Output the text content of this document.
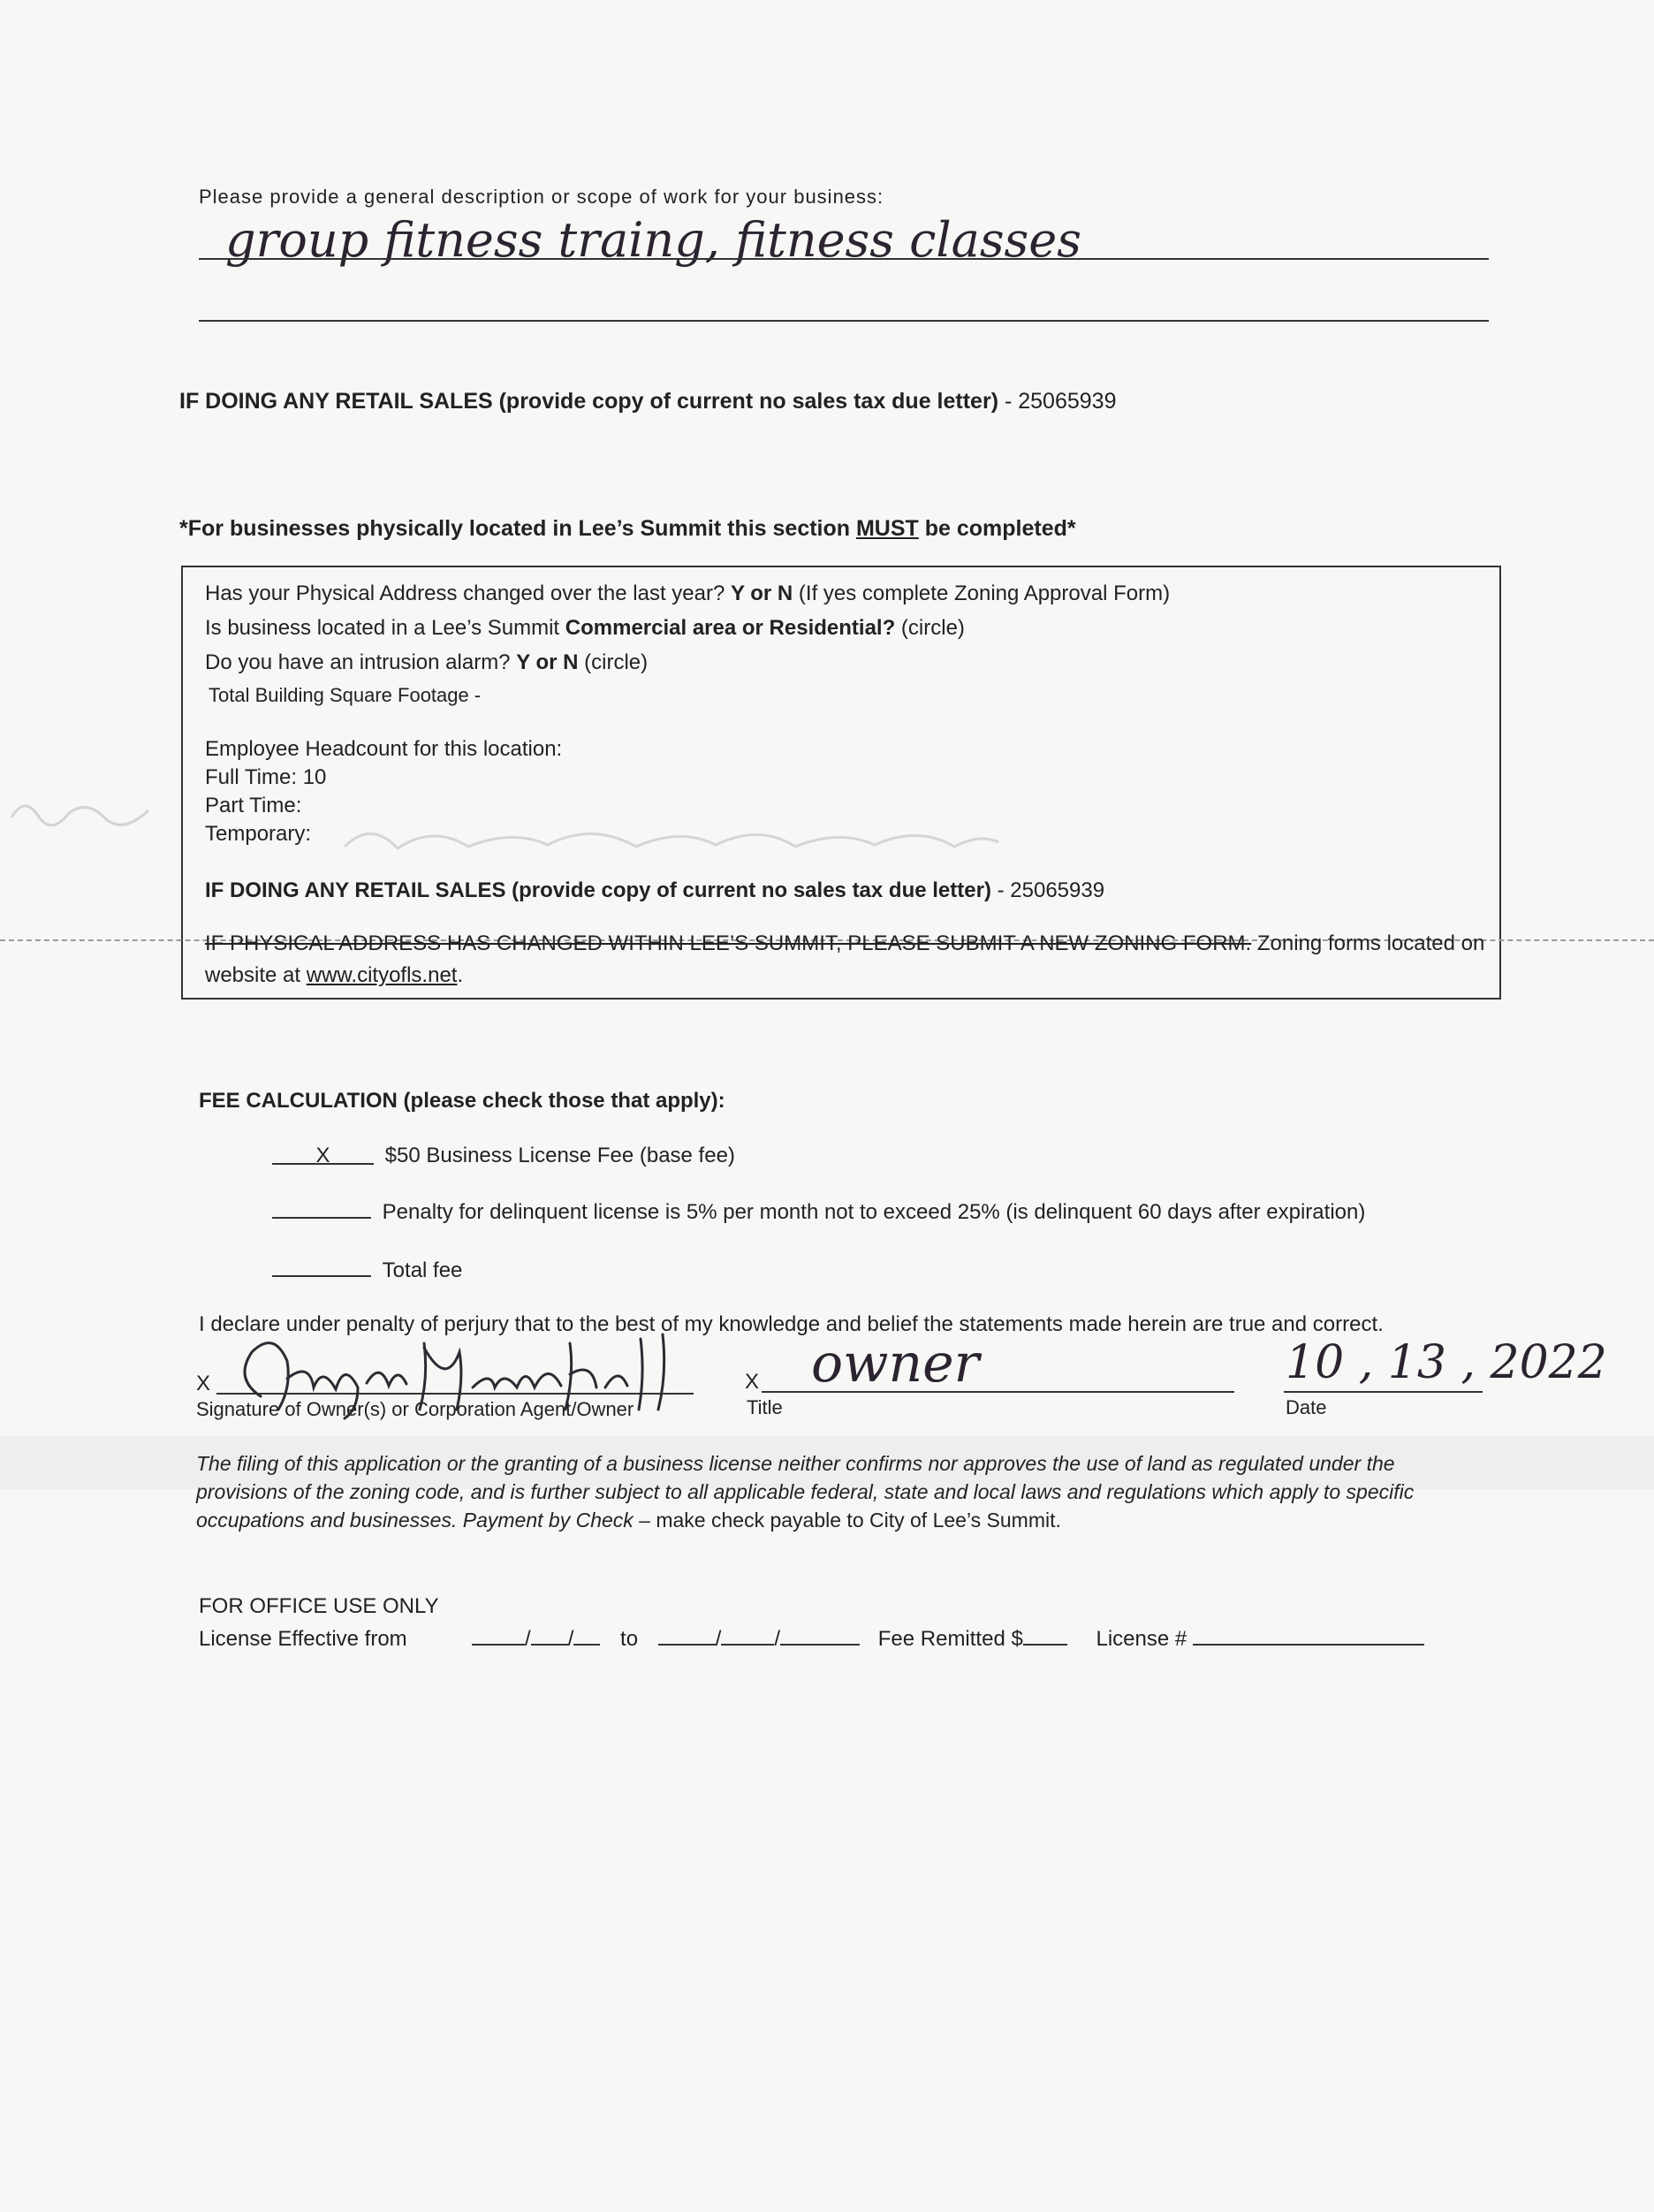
Please provide a general description or scope of work for your business:
group fitness traing, fitness classes
IF DOING ANY RETAIL SALES (provide copy of current no sales tax due letter) - 25065939
*For businesses physically located in Lee’s Summit this section MUST be completed*
Has your Physical Address changed over the last year? Y or N (If yes complete Zoning Approval Form)
Is business located in a Lee’s Summit Commercial area or Residential? (circle)
Do you have an intrusion alarm? Y or N (circle)
Total Building Square Footage -
Employee Headcount for this location:
Full Time: 10
Part Time:
Temporary:
IF DOING ANY RETAIL SALES (provide copy of current no sales tax due letter) - 25065939
IF PHYSICAL ADDRESS HAS CHANGED WITHIN LEE’S SUMMIT, PLEASE SUBMIT A NEW ZONING FORM. Zoning forms located on
website at www.cityofls.net.
FEE CALCULATION (please check those that apply):
X	$50 Business License Fee (base fee)
Penalty for delinquent license is 5% per month not to exceed 25% (is delinquent 60 days after expiration)
Total fee
I declare under penalty of perjury that to the best of my knowledge and belief the statements made herein are true and correct.
X
Signature of Owner(s) or Corporation Agent/Owner
X owner
Title
10 , 13 , 2022
Date
The filing of this application or the granting of a business license neither confirms nor approves the use of land as regulated under the provisions of the zoning code, and is further subject to all applicable federal, state and local laws and regulations which apply to specific occupations and businesses. Payment by Check – make check payable to City of Lee’s Summit.
FOR OFFICE USE ONLY
License Effective from	/ / to	/	/	Fee Remitted $	License #
